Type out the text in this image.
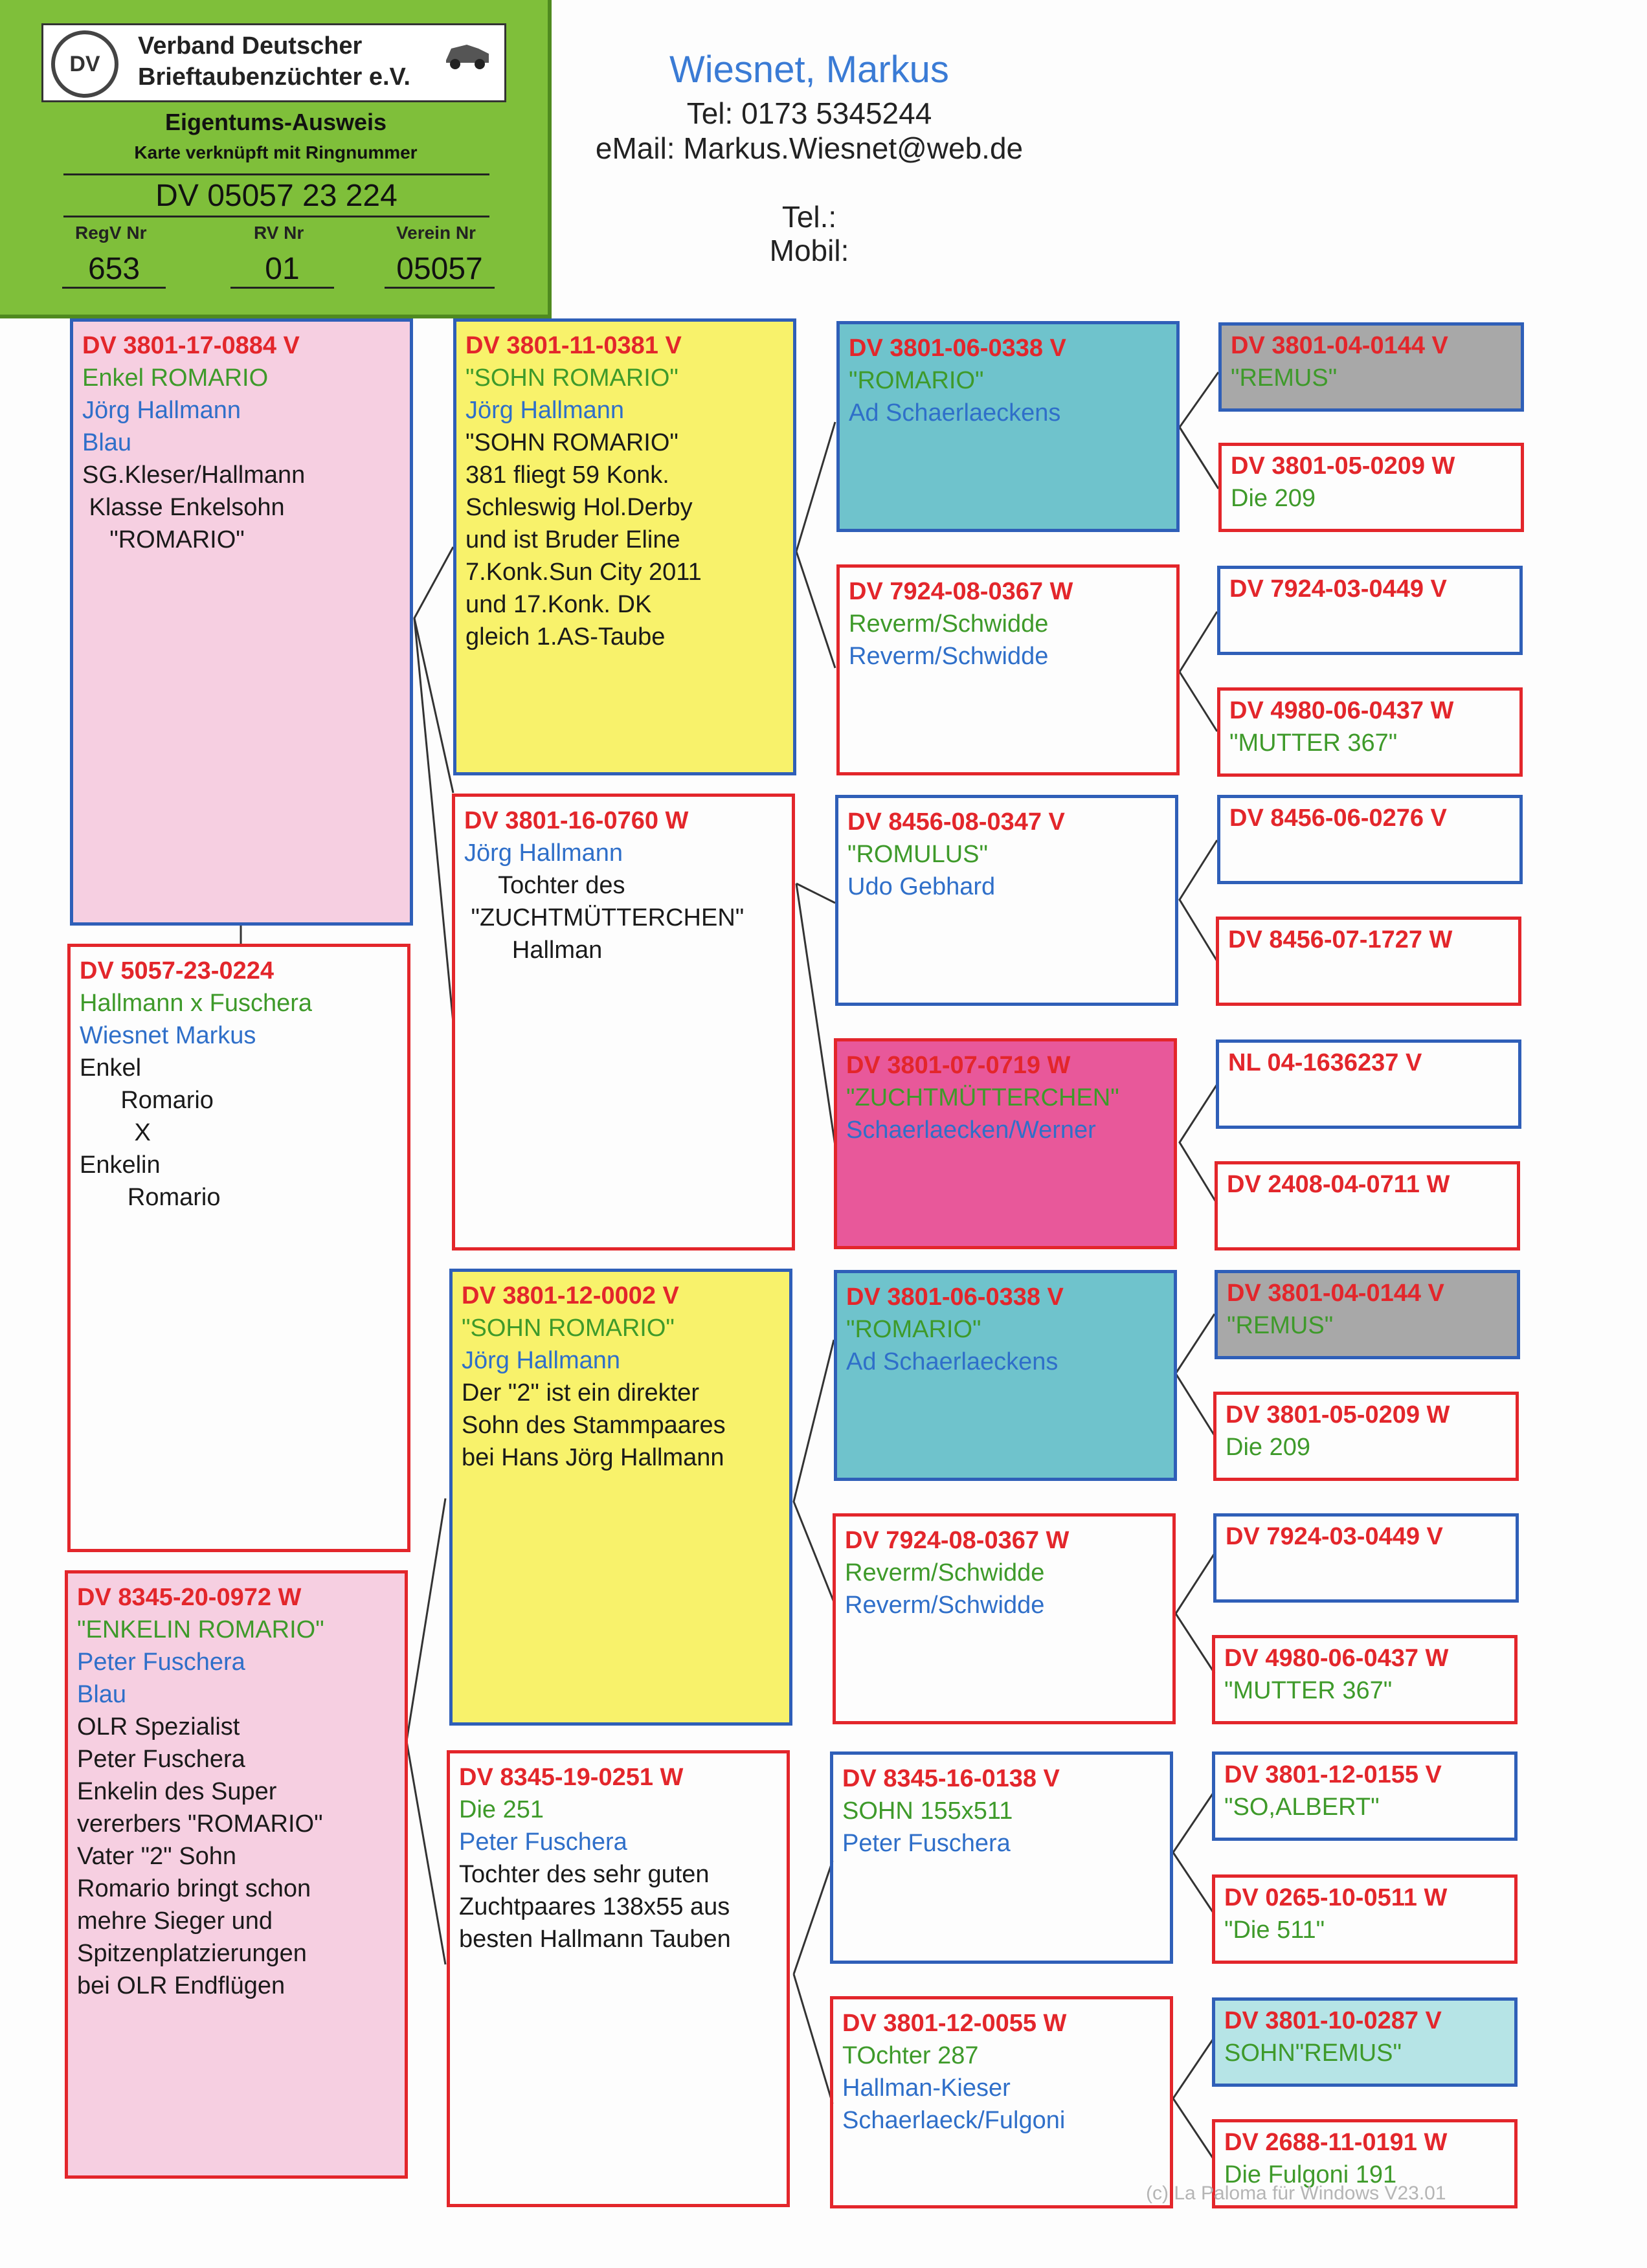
DV
Verband Deutscher
Brieftaubenzüchter e.V.
Eigentums-Ausweis
Karte verknüpft mit Ringnummer
DV 05057 23 224
RegV Nr	RV Nr	Verein Nr
653	01	05057
Wiesnet, Markus
Tel: 0173 5345244
eMail: Markus.Wiesnet@web.de
Tel.:
Mobil:
DV 3801-17-0884 V
Enkel ROMARIO
Jörg Hallmann
Blau
SG.Kleser/Hallmann
Klasse Enkelsohn
"ROMARIO"
DV 5057-23-0224
Hallmann x Fuschera
Wiesnet Markus
Enkel
Romario
X
Enkelin
Romario
DV 8345-20-0972 W
"ENKELIN ROMARIO"
Peter Fuschera
Blau
OLR Spezialist
Peter Fuschera
Enkelin des Super
vererbers "ROMARIO"
Vater "2" Sohn
Romario bringt schon
mehre Sieger und
Spitzenplatzierungen
bei OLR Endflügen
DV 3801-11-0381 V
"SOHN ROMARIO"
Jörg Hallmann
"SOHN ROMARIO"
381 fliegt 59 Konk.
Schleswig Hol.Derby
und ist Bruder Eline
7.Konk.Sun City 2011
und 17.Konk. DK
gleich 1.AS-Taube
DV 3801-16-0760 W
Jörg Hallmann
Tochter des
"ZUCHTMÜTTERCHEN"
Hallman
DV 3801-12-0002 V
"SOHN ROMARIO"
Jörg Hallmann
Der "2" ist ein direkter
Sohn des Stammpaares
bei Hans Jörg Hallmann
DV 8345-19-0251 W
Die 251
Peter Fuschera
Tochter des sehr guten
Zuchtpaares 138x55 aus
besten Hallmann Tauben
DV 3801-06-0338 V
"ROMARIO"
Ad Schaerlaeckens
DV 7924-08-0367 W
Reverm/Schwidde
Reverm/Schwidde
DV 8456-08-0347 V
"ROMULUS"
Udo Gebhard
DV 3801-07-0719 W
"ZUCHTMÜTTERCHEN"
Schaerlaecken/Werner
DV 3801-06-0338 V
"ROMARIO"
Ad Schaerlaeckens
DV 7924-08-0367 W
Reverm/Schwidde
Reverm/Schwidde
DV 8345-16-0138 V
SOHN 155x511
Peter Fuschera
DV 3801-12-0055 W
TOchter 287
Hallman-Kieser
Schaerlaeck/Fulgoni
DV 3801-04-0144 V
"REMUS"
DV 3801-05-0209 W
Die 209
DV 7924-03-0449 V
DV 4980-06-0437 W
"MUTTER 367"
DV 8456-06-0276 V
DV 8456-07-1727 W
NL 04-1636237 V
DV 2408-04-0711 W
DV 3801-04-0144 V
"REMUS"
DV 3801-05-0209 W
Die 209
DV 7924-03-0449 V
DV 4980-06-0437 W
"MUTTER 367"
DV 3801-12-0155 V
"SO,ALBERT"
DV 0265-10-0511 W
"Die 511"
DV 3801-10-0287 V
SOHN"REMUS"
DV 2688-11-0191 W
Die Fulgoni 191
(c) La Paloma für Windows V23.01
